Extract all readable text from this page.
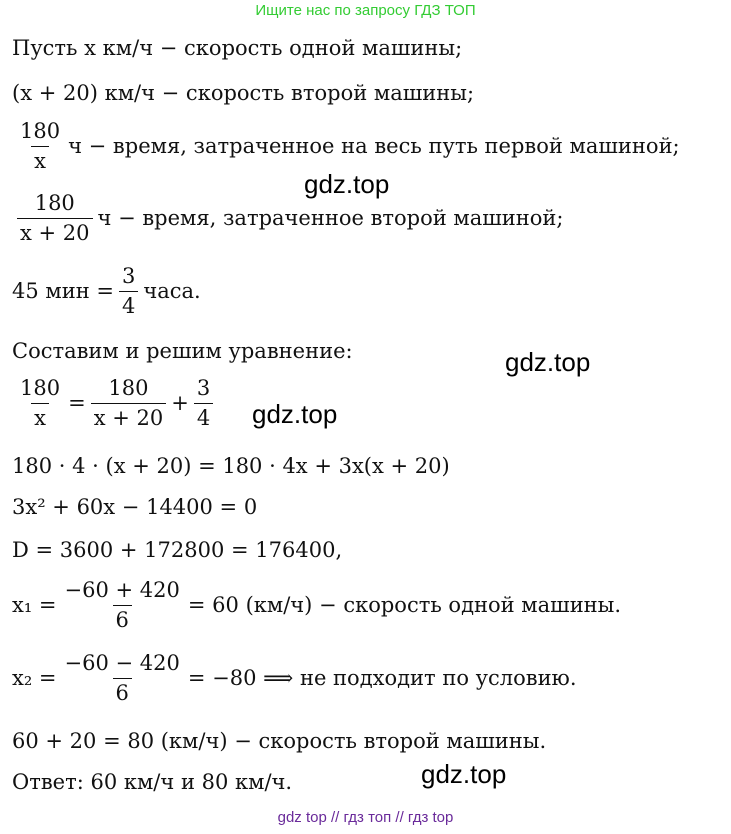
Ищите нас по запросу ГДЗ ТОП
Пусть x км/ч − скорость одной машины;
(x + 20) км/ч − скорость второй машины;
$\frac{180}{x}$ ч − время, затраченное на весь путь первой машиной;
$\frac{180}{x + 20}$ ч − время, затраченное второй машиной;
45 мин = $\frac{3}{4}$ часа.
Составим и решим уравнение:
$\frac{180}{x} = \frac{180}{x + 20} + \frac{3}{4}$
180 · 4 · (x + 20) = 180 · 4x + 3x(x + 20)
3x² + 60x − 14400 = 0
D = 3600 + 172800 = 176400,
$x_1 = \frac{-60 + 420}{6} = 60$ (км/ч) − скорость одной машины.
$x_2 = \frac{-60 - 420}{6} = -80$ ⟹ не подходит по условию.
60 + 20 = 80 (км/ч) − скорость второй машины.
Ответ: 60 км/ч и 80 км/ч.
gdz.top
gdz.top
gdz.top
gdz.top
gdz top // гдз топ // гдз top
